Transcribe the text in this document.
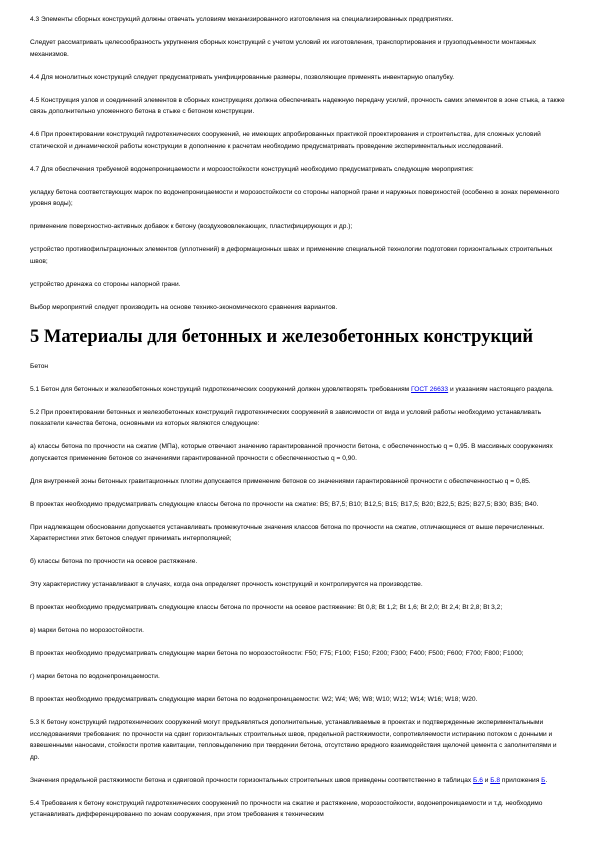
4.3 Элементы сборных конструкций должны отвечать условиям механизированного изготовления на специализированных предприятиях.

Следует рассматривать целесообразность укрупнения сборных конструкций с учетом условий их изготовления, транспортирования и грузоподъемности монтажных механизмов.

4.4 Для монолитных конструкций следует предусматривать унифицированные размеры, позволяющие применять инвентарную опалубку.

4.5 Конструкция узлов и соединений элементов в сборных конструкциях должна обеспечивать надежную передачу усилий, прочность самих элементов в зоне стыка, а также связь дополнительно уложенного бетона в стыке с бетоном конструкции.

4.6 При проектировании конструкций гидротехнических сооружений, не имеющих апробированных практикой проектирования и строительства, для сложных условий статической и динамической работы конструкции в дополнение к расчетам необходимо предусматривать проведение экспериментальных исследований.

4.7 Для обеспечения требуемой водонепроницаемости и морозостойкости конструкций необходимо предусматривать следующие мероприятия:

укладку бетона соответствующих марок по водонепроницаемости и морозостойкости со стороны напорной грани и наружных поверхностей (особенно в зонах переменного уровня воды);

применение поверхностно-активных добавок к бетону (воздухововлекающих, пластифицирующих и др.);

устройство противофильтрационных элементов (уплотнений) в деформационных швах и применение специальной технологии подготовки горизонтальных строительных швов;

устройство дренажа со стороны напорной грани.

Выбор мероприятий следует производить на основе технико-экономического сравнения вариантов.

5 Материалы для бетонных и железобетонных конструкций

Бетон

5.1 Бетон для бетонных и железобетонных конструкций гидротехнических сооружений должен удовлетворять требованиям ГОСТ 26633 и указаниям настоящего раздела.

5.2 При проектировании бетонных и железобетонных конструкций гидротехнических сооружений в зависимости от вида и условий работы необходимо устанавливать показатели качества бетона, основными из которых являются следующие:

а) классы бетона по прочности на сжатие (МПа), которые отвечают значению гарантированной прочности бетона, с обеспеченностью q = 0,95. В массивных сооружениях допускается применение бетонов со значениями гарантированной прочности с обеспеченностью q = 0,90.

Для внутренней зоны бетонных гравитационных плотин допускается применение бетонов со значениями гарантированной прочности с обеспеченностью q = 0,85.

В проектах необходимо предусматривать следующие классы бетона по прочности на сжатие: В5; В7,5; В10; В12,5; В15; В17,5; В20; В22,5; В25; В27,5; В30; В35; В40.

При надлежащем обосновании допускается устанавливать промежуточные значения классов бетона по прочности на сжатие, отличающиеся от выше перечисленных. Характеристики этих бетонов следует принимать интерполяцией;

б) классы бетона по прочности на осевое растяжение.

Эту характеристику устанавливают в случаях, когда она определяет прочность конструкций и контролируется на производстве.

В проектах необходимо предусматривать следующие классы бетона по прочности на осевое растяжение: Bt 0,8; Bt 1,2; Bt 1,6; Bt 2,0; Bt 2,4; Bt 2,8; Bt 3,2;

в) марки бетона по морозостойкости.

В проектах необходимо предусматривать следующие марки бетона по морозостойкости: F50; F75; F100; F150; F200; F300; F400; F500; F600; F700; F800; F1000;

г) марки бетона по водонепроницаемости.

В проектах необходимо предусматривать следующие марки бетона по водонепроницаемости: W2; W4; W6; W8; W10; W12; W14; W16; W18; W20.

5.3 К бетону конструкций гидротехнических сооружений могут предъявляться дополнительные, устанавливаемые в проектах и подтвержденные экспериментальными исследованиями требования: по прочности на сдвиг горизонтальных строительных швов, предельной растяжимости, сопротивляемости истиранию потоком с донными и взвешенными наносами, стойкости против кавитации, тепловыделению при твердении бетона, отсутствию вредного взаимодействия щелочей цемента с заполнителями и др.

Значения предельной растяжимости бетона и сдвиговой прочности горизонтальных строительных швов приведены соответственно в таблицах Б.6 и Б.8 приложения Б.

5.4 Требования к бетону конструкций гидротехнических сооружений по прочности на сжатие и растяжение, морозостойкости, водонепроницаемости и т.д. необходимо устанавливать дифференцированно по зонам сооружения, при этом требования к техническим
